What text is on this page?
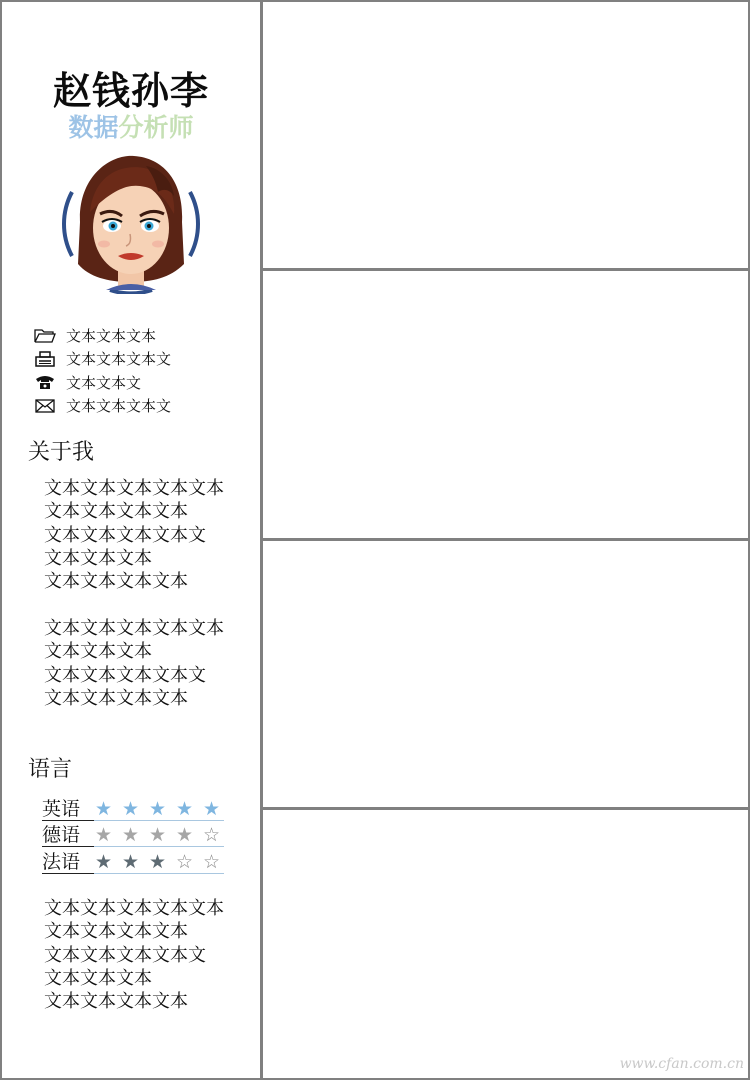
赵钱孙李
数据分析师
文本文本文本
文本文本文本文
文本文本文
文本文本文本文
关于我
文本文本文本文本文本
文本文本文本文本
文本文本文本文本文
文本文本文本
文本文本文本文本
文本文本文本文本文本
文本文本文本
文本文本文本文本文
文本文本文本文本
语言
英语 ★ ★ ★ ★ ★
德语 ★ ★ ★ ★ ☆
法语 ★ ★ ★ ☆ ☆
文本文本文本文本文本
文本文本文本文本
文本文本文本文本文
文本文本文本
文本文本文本文本
www.cfan.com.cn
